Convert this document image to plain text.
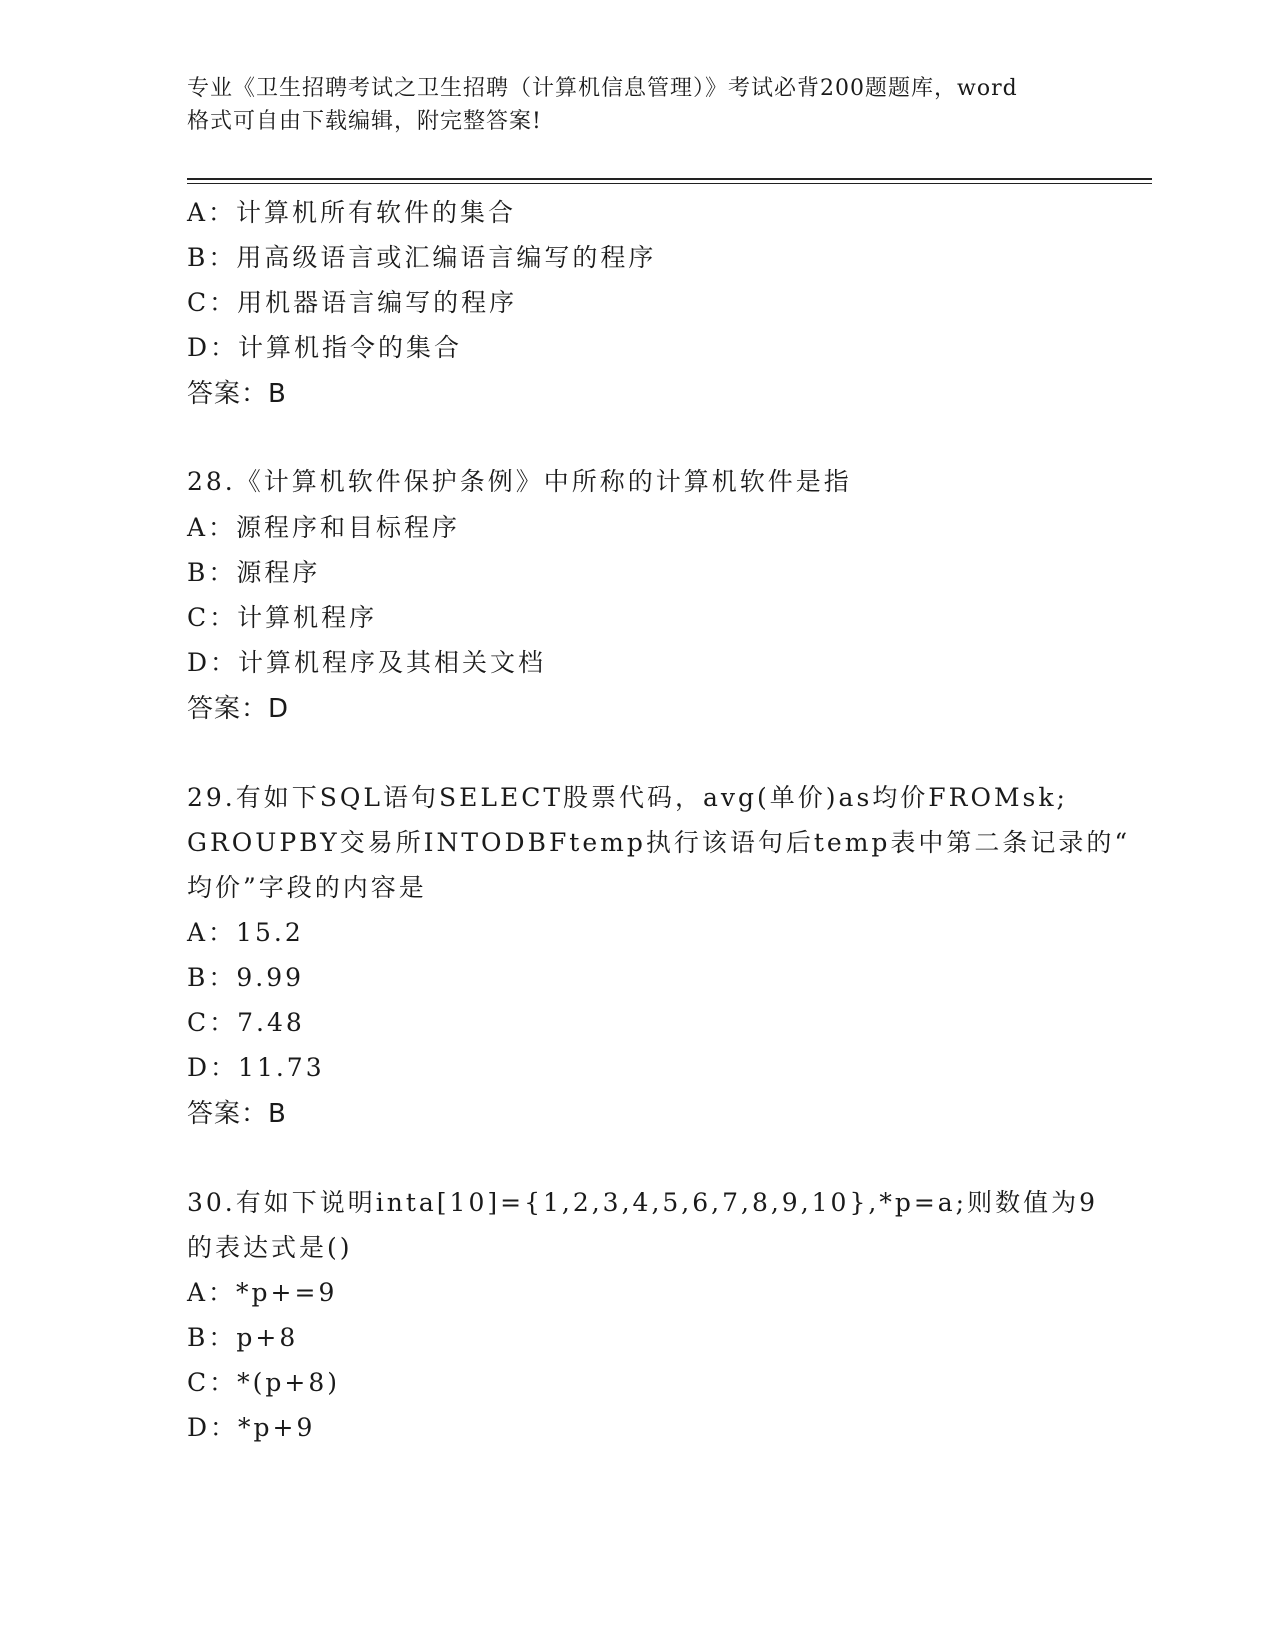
专业《卫生招聘考试之卫生招聘（计算机信息管理）》考试必背200题题库，word
格式可自由下载编辑，附完整答案!
A：计算机所有软件的集合
B：用高级语言或汇编语言编写的程序
C：用机器语言编写的程序
D：计算机指令的集合
答案：B
28.《计算机软件保护条例》中所称的计算机软件是指
A：源程序和目标程序
B：源程序
C：计算机程序
D：计算机程序及其相关文档
答案：D
29.有如下SQL语句SELECT股票代码，avg(单价)as均价FROMsk;
GROUPBY交易所INTODBFtemp执行该语句后temp表中第二条记录的“
均价”字段的内容是
A：15.2
B：9.99
C：7.48
D：11.73
答案：B
30.有如下说明inta[10]={1,2,3,4,5,6,7,8,9,10},*p=a;则数值为9
的表达式是()
A：*p+=9
B：p+8
C：*(p+8)
D：*p+9
